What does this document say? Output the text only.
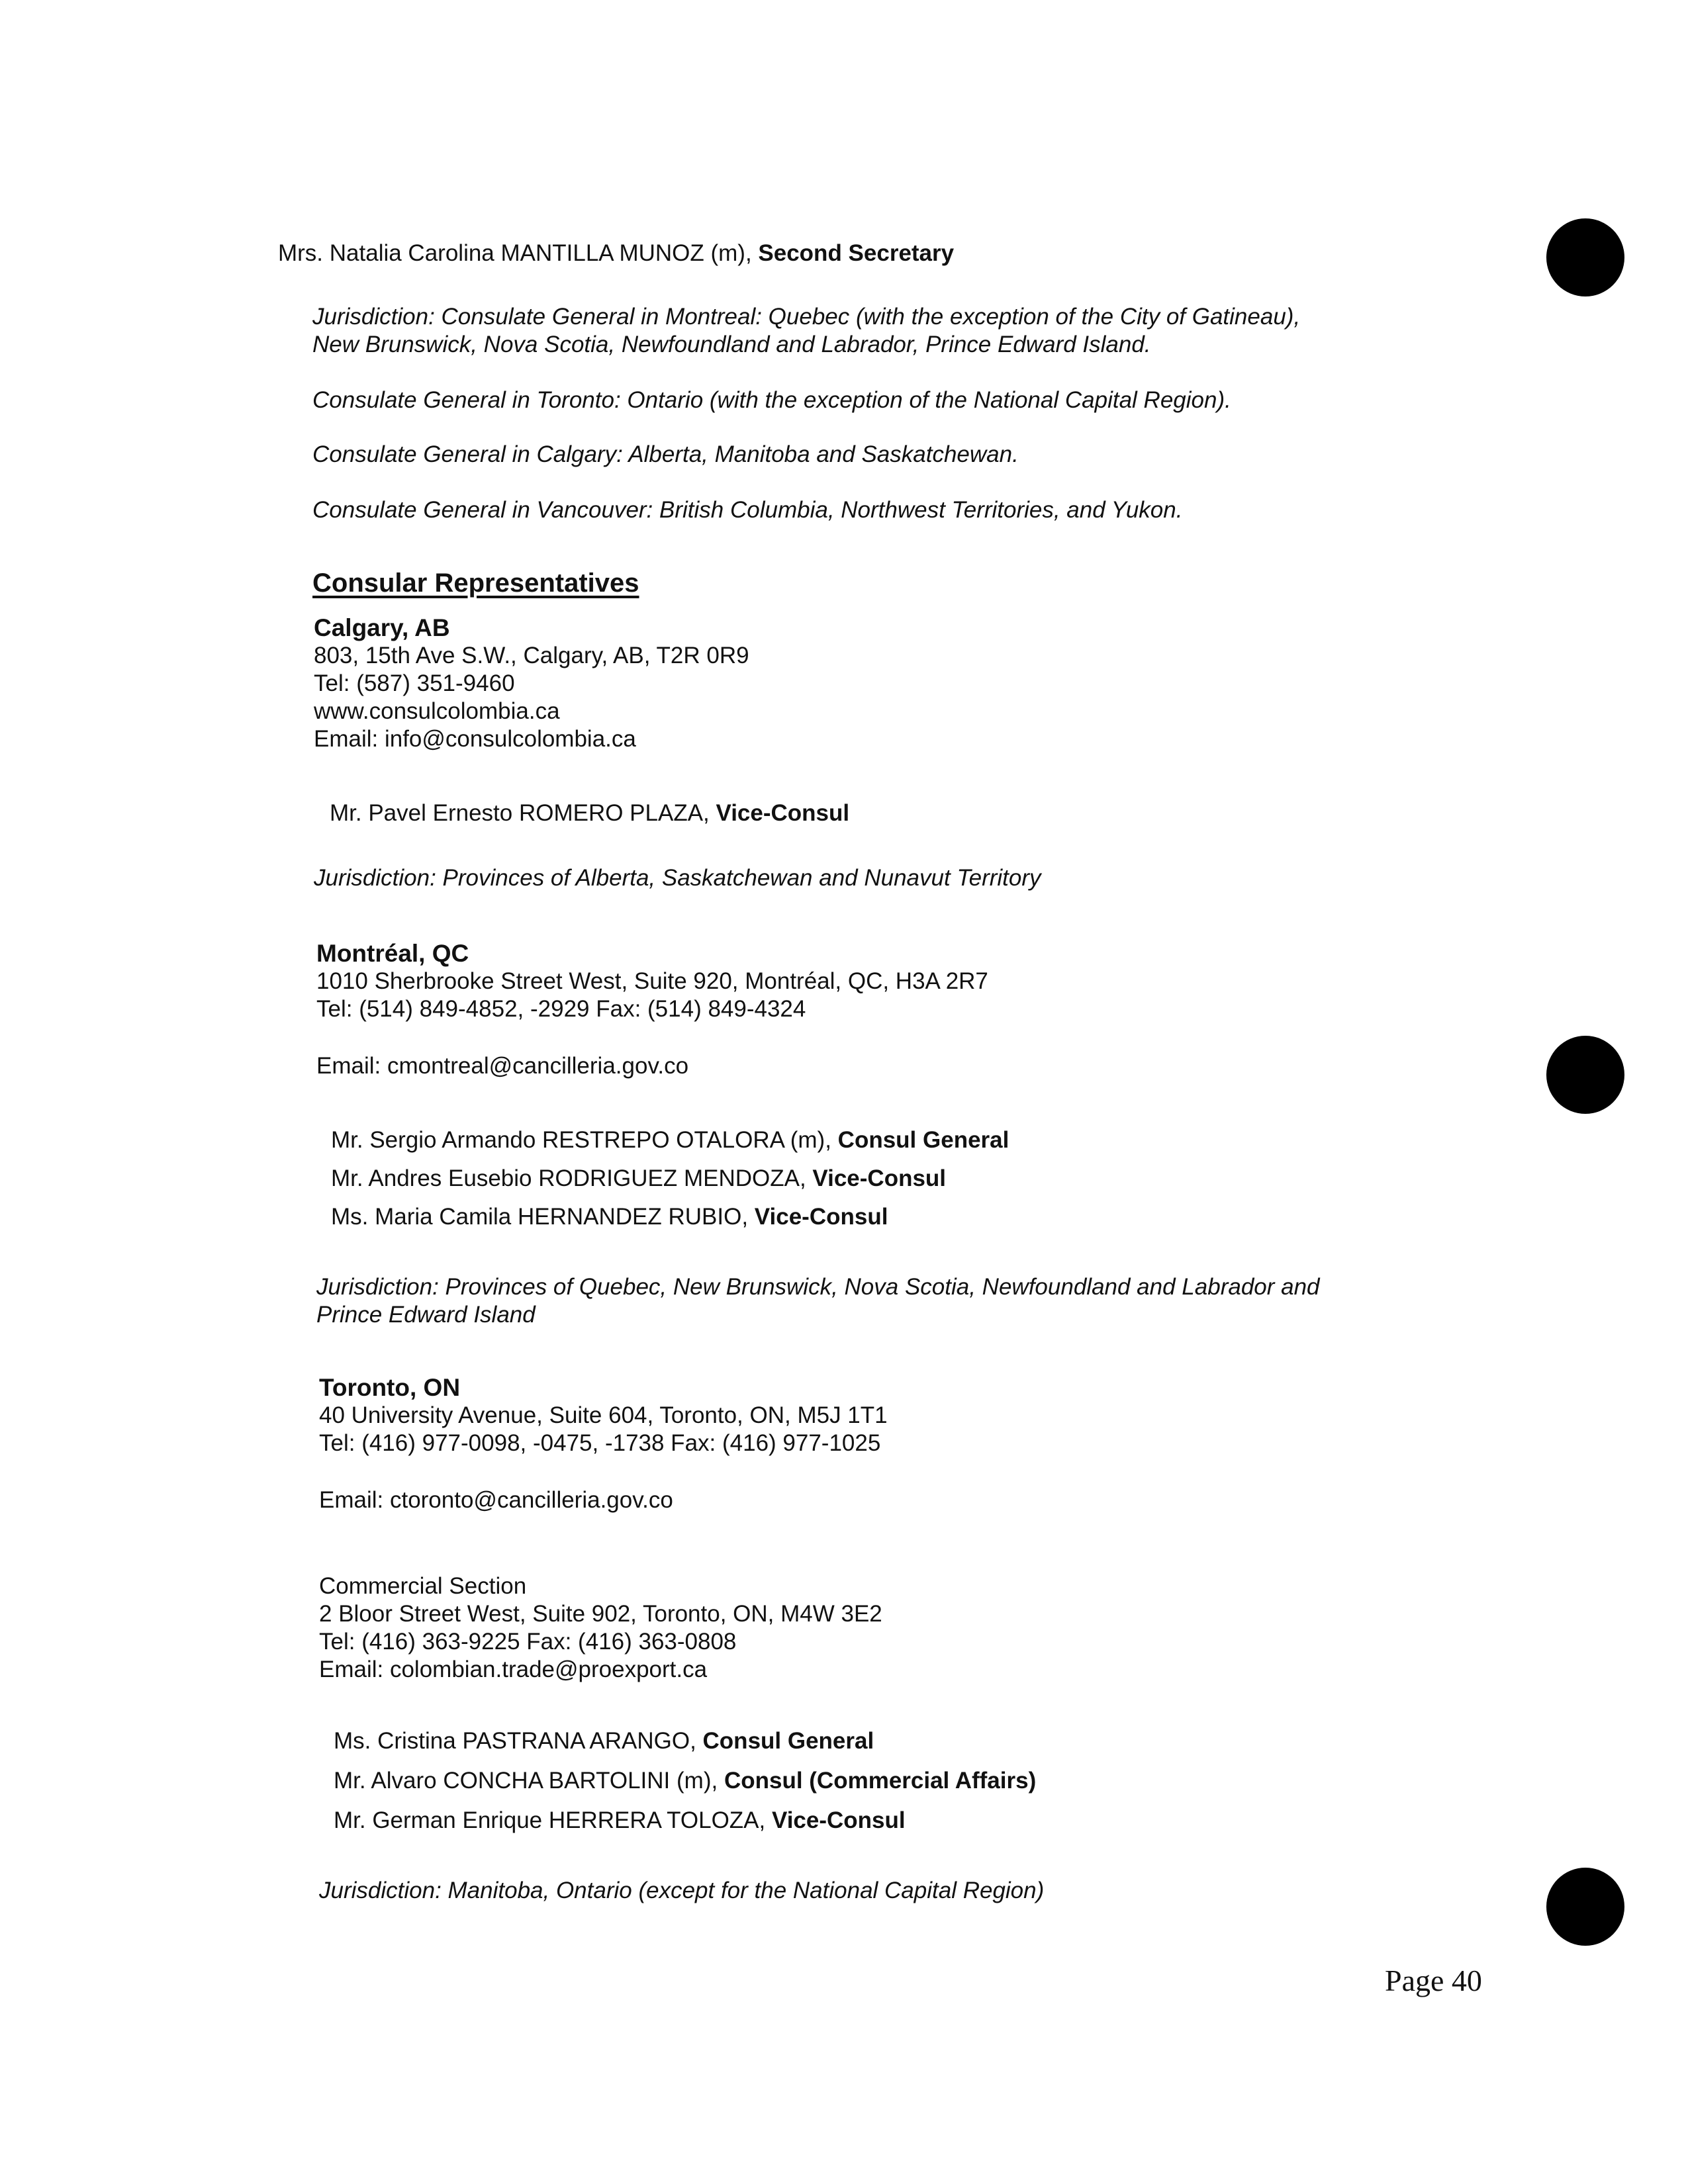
Mrs. Natalia Carolina MANTILLA MUNOZ (m), Second Secretary
Jurisdiction: Consulate General in Montreal: Quebec (with the exception of the City of Gatineau),
New Brunswick, Nova Scotia, Newfoundland and Labrador, Prince Edward Island.
Consulate General in Toronto: Ontario (with the exception of the National Capital Region).
Consulate General in Calgary: Alberta, Manitoba and Saskatchewan.
Consulate General in Vancouver: British Columbia, Northwest Territories, and Yukon.
Consular Representatives
Calgary, AB
803, 15th Ave S.W., Calgary, AB, T2R 0R9
Tel: (587) 351-9460
www.consulcolombia.ca
Email: info@consulcolombia.ca
Mr. Pavel Ernesto ROMERO PLAZA, Vice-Consul
Jurisdiction: Provinces of Alberta, Saskatchewan and Nunavut Territory
Montréal, QC
1010 Sherbrooke Street West, Suite 920, Montréal, QC, H3A 2R7
Tel: (514) 849-4852, -2929 Fax: (514) 849-4324
Email: cmontreal@cancilleria.gov.co
Mr. Sergio Armando RESTREPO OTALORA (m), Consul General
Mr. Andres Eusebio RODRIGUEZ MENDOZA, Vice-Consul
Ms. Maria Camila HERNANDEZ RUBIO, Vice-Consul
Jurisdiction: Provinces of Quebec, New Brunswick, Nova Scotia, Newfoundland and Labrador and
Prince Edward Island
Toronto, ON
40 University Avenue, Suite 604, Toronto, ON, M5J 1T1
Tel: (416) 977-0098, -0475, -1738 Fax: (416) 977-1025
Email: ctoronto@cancilleria.gov.co
Commercial Section
2 Bloor Street West, Suite 902, Toronto, ON, M4W 3E2
Tel: (416) 363-9225 Fax: (416) 363-0808
Email: colombian.trade@proexport.ca
Ms. Cristina PASTRANA ARANGO, Consul General
Mr. Alvaro CONCHA BARTOLINI (m), Consul (Commercial Affairs)
Mr. German Enrique HERRERA TOLOZA, Vice-Consul
Jurisdiction: Manitoba, Ontario (except for the National Capital Region)
Page 40
